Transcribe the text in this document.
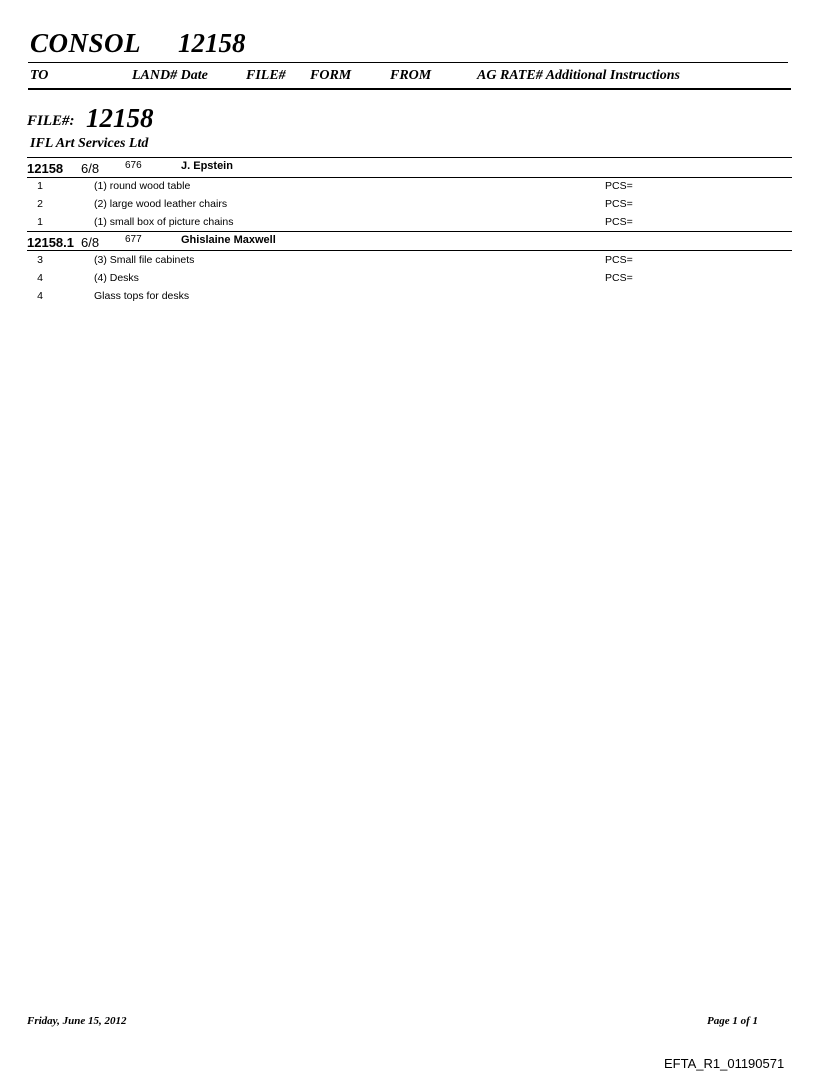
CONSOL 12158
TO	LAND# Date	FILE# FORM	FROM	AG RATE# Additional Instructions
FILE#: 12158
IFL Art Services Ltd
12158 6/8	676	J. Epstein
1	(1) round wood table	PCS=
2	(2) large wood leather chairs	PCS=
1	(1) small box of picture chains	PCS=
12158.1 6/8	677	Ghislaine Maxwell
3	(3) Small file cabinets	PCS=
4	(4) Desks	PCS=
4	Glass tops for desks
Friday, June 15, 2012	Page 1 of 1
EFTA_R1_01190571
